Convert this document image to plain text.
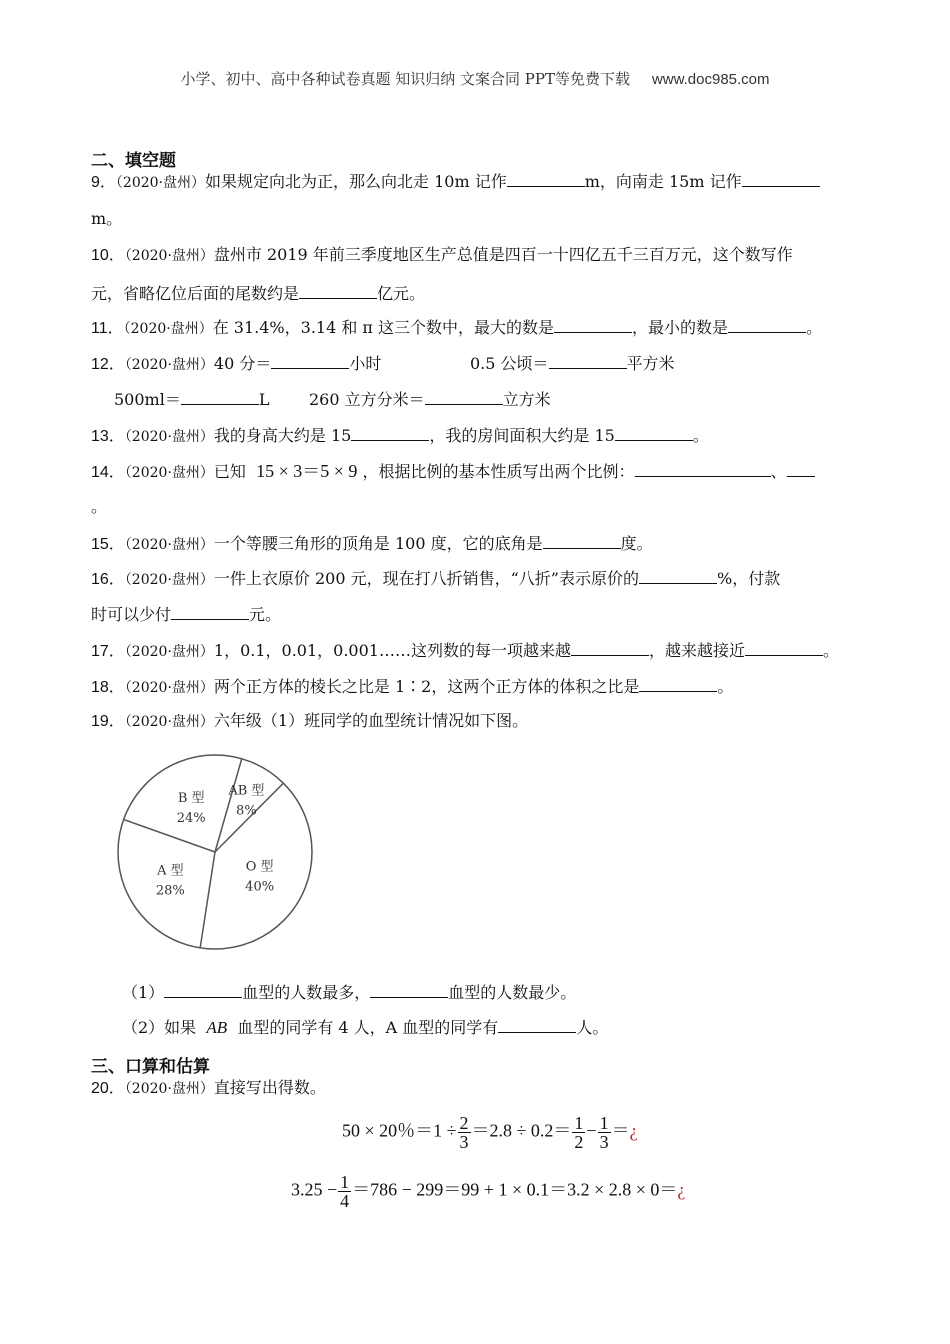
小学、初中、高中各种试卷真题 知识归纳 文案合同 PPT等免费下载 www.doc985.com
二、填空题
9．（2020·盘州）如果规定向北为正，那么向北走 10m 记作	m，向南走 15m 记作
m。
10．（2020·盘州）盘州市 2019 年前三季度地区生产总值是四百一十四亿五千三百万元，这个数写作
元，省略亿位后面的尾数约是	亿元。
11．（2020·盘州）在 31.4%，3.14 和 π 这三个数中，最大的数是	，最小的数是	。
12．（2020·盘州）40 分＝	小时	0.5 公顷＝	平方米
500ml＝	L 260 立方分米＝	立方米
13．（2020·盘州）我的身高大约是 15	，我的房间面积大约是 15	。
14．（2020·盘州）已知 15 × 3＝5 × 9 ，根据比例的基本性质写出两个比例：	、
。
15．（2020·盘州）一个等腰三角形的顶角是 100 度，它的底角是	度。
16．（2020·盘州）一件上衣原价 200 元，现在打八折销售，“八折”表示原价的	%，付款
时可以少付	元。
17．（2020·盘州）1，0.1，0.01，0.001……这列数的每一项越来越	，越来越接近	。
18．（2020·盘州）两个正方体的棱长之比是 1∶2，这两个正方体的体积之比是	。
19．（2020·盘州）六年级（1）班同学的血型统计情况如下图。
AB 型
8%
O 型
40%
A 型
28%
B 型
24%
（1）	血型的人数最多，	血型的人数最少。
（2）如果 AB 血型的同学有 4 人，A 血型的同学有	人。
三、口算和估算
20．（2020·盘州）直接写出得数。
50 × 20％$=1 \div \frac{2}{3} =2.8 \div 0.2= \frac{1}{2} - \frac{1}{3}$ ＝¿
$3.25 - \frac{1}{4} =786 - 299=99 + 1 \times 0.1=3.2 \times 2.8$ × 0＝¿
